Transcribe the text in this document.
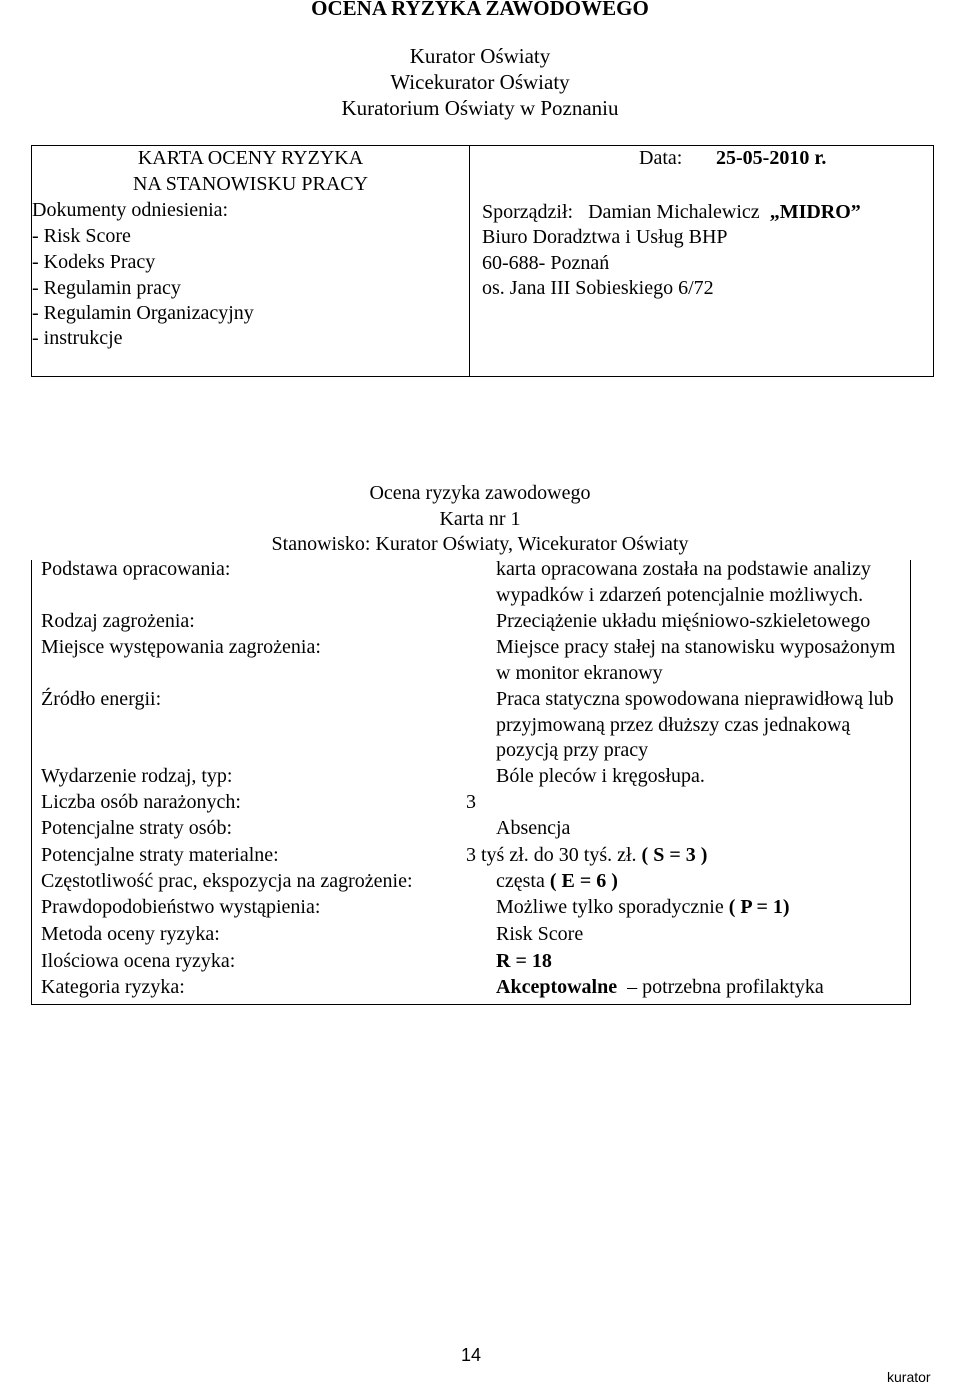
OCENA RYZYKA ZAWODOWEGO
Kurator Oświaty
Wicekurator Oświaty
Kuratorium Oświaty w Poznaniu
KARTA OCENY RYZYKA
NA STANOWISKU PRACY
Dokumenty odniesienia:
- Risk Score
- Kodeks Pracy
- Regulamin pracy
- Regulamin Organizacyjny
- instrukcje
Data: 25-05-2010 r.
Sporządził: Damian Michalewicz „MIDRO”
Biuro Doradztwa i Usług BHP
60-688- Poznań
os. Jana III Sobieskiego 6/72
Ocena ryzyka zawodowego
Karta nr 1
Stanowisko: Kurator Oświaty, Wicekurator Oświaty
Podstawa opracowania:	karta opracowana została na podstawie analizy
wypadków i zdarzeń potencjalnie możliwych.
Rodzaj zagrożenia:	Przeciążenie układu mięśniowo-szkieletowego
Miejsce występowania zagrożenia:	Miejsce pracy stałej na stanowisku wyposażonym
w monitor ekranowy
Źródło energii:	Praca statyczna spowodowana nieprawidłową lub
przyjmowaną przez dłuższy czas jednakową
pozycją przy pracy
Wydarzenie rodzaj, typ:	Bóle pleców i kręgosłupa.
Liczba osób narażonych:	3
Potencjalne straty osób:	Absencja
Potencjalne straty materialne:	3 tyś zł. do 30 tyś. zł. ( S = 3 )
Częstotliwość prac, ekspozycja na zagrożenie:	częsta ( E = 6 )
Prawdopodobieństwo wystąpienia:	Możliwe tylko sporadycznie ( P = 1)
Metoda oceny ryzyka:	Risk Score
Ilościowa ocena ryzyka:	R = 18
Kategoria ryzyka:	Akceptowalne – potrzebna profilaktyka
14
kurator
